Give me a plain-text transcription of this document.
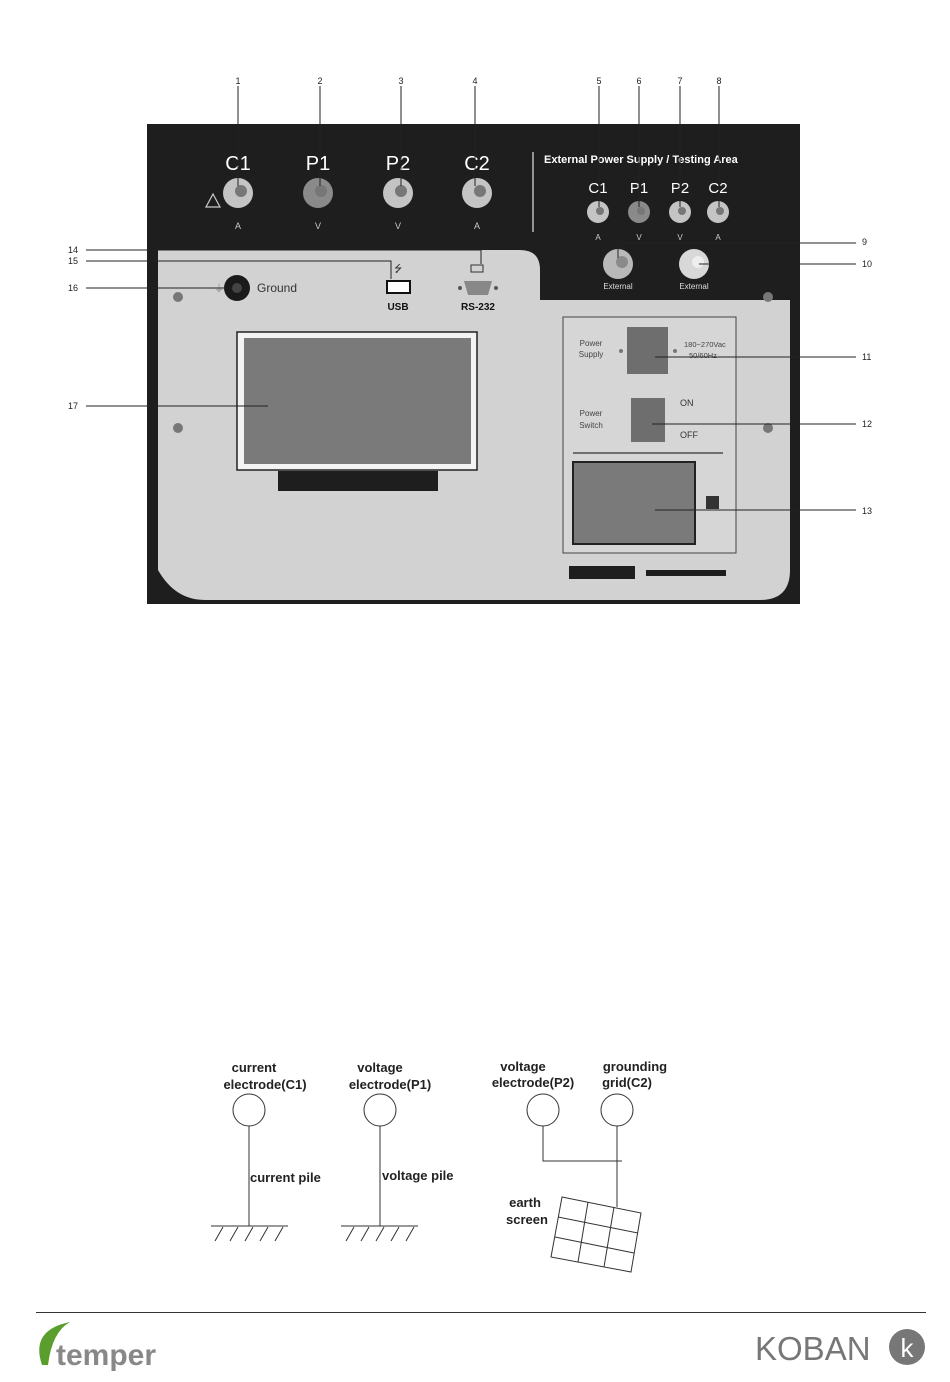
C1
A
P1
V
P2
V
C2
A
External Power Supply / Testing Area
C1
A
P1
V
P2
V
C2
A
External	External
⏚	Ground
⭍
USB	RS-232
Power
Supply
180~270Vac
50/60Hz
Power
Switch
ON
OFF
1	2	3	4	5	6	7	8
9
10
11
12
13
14
15
16
17
current
electrode(C1)
voltage
electrode(P1)
voltage
electrode(P2)
grounding
grid(C2)
current pile	voltage pile
earth
screen
temper	KOBAN k
